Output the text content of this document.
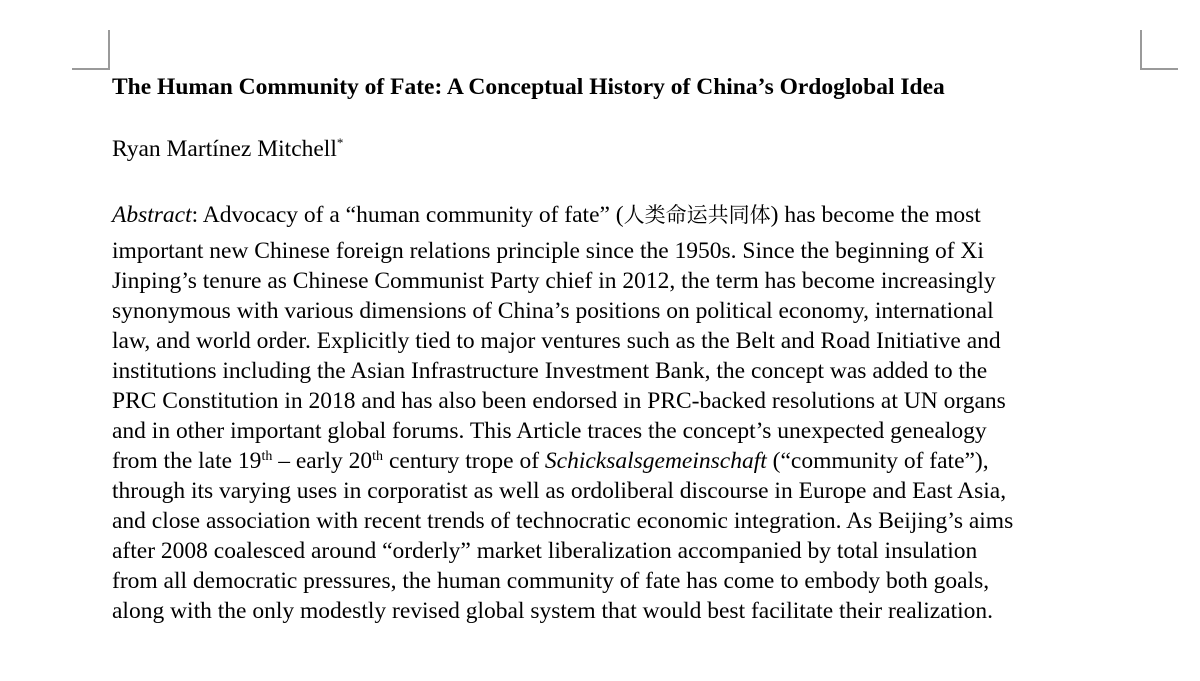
The Human Community of Fate: A Conceptual History of China’s Ordoglobal Idea

Ryan Martínez Mitchell*

Abstract: Advocacy of a “human community of fate” (人类命运共同体) has become the most
important new Chinese foreign relations principle since the 1950s. Since the beginning of Xi
Jinping’s tenure as Chinese Communist Party chief in 2012, the term has become increasingly
synonymous with various dimensions of China’s positions on political economy, international
law, and world order. Explicitly tied to major ventures such as the Belt and Road Initiative and
institutions including the Asian Infrastructure Investment Bank, the concept was added to the
PRC Constitution in 2018 and has also been endorsed in PRC-backed resolutions at UN organs
and in other important global forums. This Article traces the concept’s unexpected genealogy
from the late 19th – early 20th century trope of Schicksalsgemeinschaft (“community of fate”),
through its varying uses in corporatist as well as ordoliberal discourse in Europe and East Asia,
and close association with recent trends of technocratic economic integration. As Beijing’s aims
after 2008 coalesced around “orderly” market liberalization accompanied by total insulation
from all democratic pressures, the human community of fate has come to embody both goals,
along with the only modestly revised global system that would best facilitate their realization.
